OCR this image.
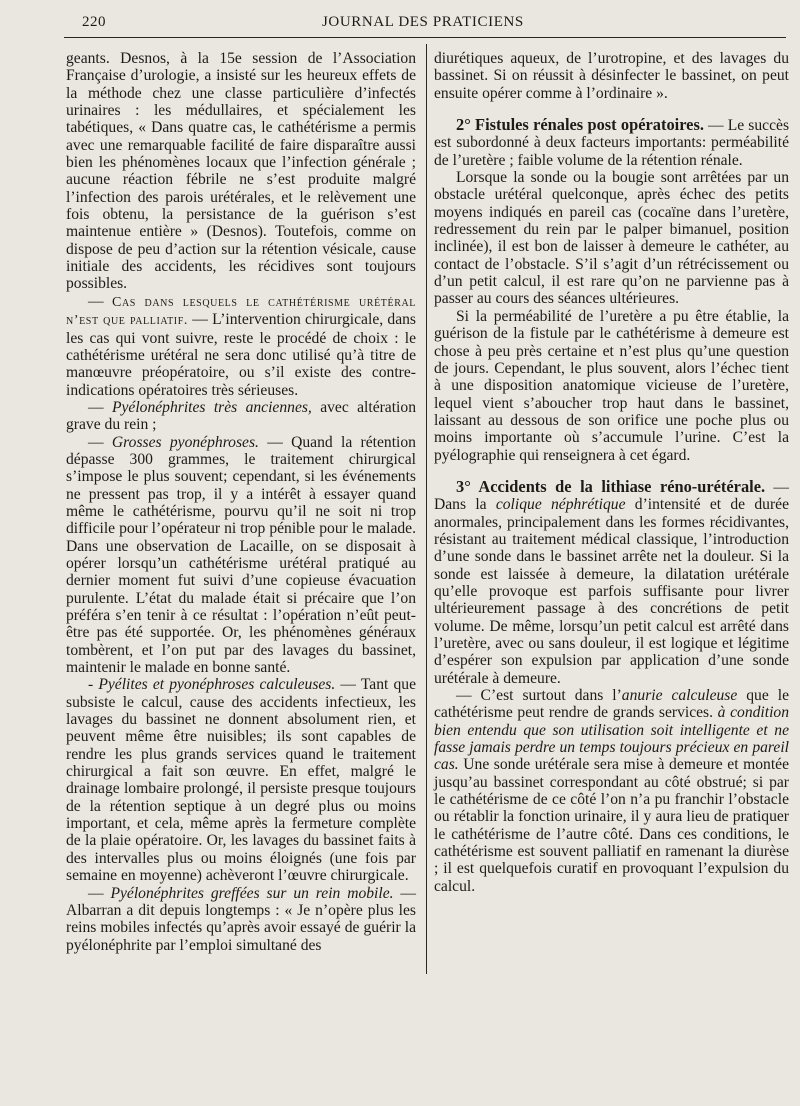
220	JOURNAL DES PRATICIENS

geants. Desnos, à la 15e session de l’Association Française d’urologie, a insisté sur les heureux effets de la méthode chez une classe particulière d’infectés urinaires : les médullaires, et spécialement les tabétiques, « Dans quatre cas, le cathétérisme a permis avec une remarquable facilité de faire disparaître aussi bien les phénomènes locaux que l’infection générale ; aucune réaction fébrile ne s’est produite malgré l’infection des parois urétérales, et le relèvement une fois obtenu, la persistance de la guérison s’est maintenue entière » (Desnos). Toutefois, comme on dispose de peu d’action sur la rétention vésicale, cause initiale des accidents, les récidives sont toujours possibles.

— Cas dans lesquels le cathétérisme urétéral n’est que palliatif. — L’intervention chirurgicale, dans les cas qui vont suivre, reste le procédé de choix : le cathétérisme urétéral ne sera donc utilisé qu’à titre de manœuvre préopératoire, ou s’il existe des contre-indications opératoires très sérieuses.

— Pyélonéphrites très anciennes, avec altération grave du rein ;

— Grosses pyonéphroses. — Quand la rétention dépasse 300 grammes, le traitement chirurgical s’impose le plus souvent; cependant, si les événements ne pressent pas trop, il y a intérêt à essayer quand même le cathétérisme, pourvu qu’il ne soit ni trop difficile pour l’opérateur ni trop pénible pour le malade. Dans une observation de Lacaille, on se disposait à opérer lorsqu’un cathétérisme urétéral pratiqué au dernier moment fut suivi d’une copieuse évacuation purulente. L’état du malade était si précaire que l’on préféra s’en tenir à ce résultat : l’opération n’eût peut-être pas été supportée. Or, les phénomènes généraux tombèrent, et l’on put par des lavages du bassinet, maintenir le malade en bonne santé.

- Pyélites et pyonéphroses calculeuses. — Tant que subsiste le calcul, cause des accidents infectieux, les lavages du bassinet ne donnent absolument rien, et peuvent même être nuisibles; ils sont capables de rendre les plus grands services quand le traitement chirurgical a fait son œuvre. En effet, malgré le drainage lombaire prolongé, il persiste presque toujours de la rétention septique à un degré plus ou moins important, et cela, même après la fermeture complète de la plaie opératoire. Or, les lavages du bassinet faits à des intervalles plus ou moins éloignés (une fois par semaine en moyenne) achèveront l’œuvre chirurgicale.

— Pyélonéphrites greffées sur un rein mobile. — Albarran a dit depuis longtemps : « Je n’opère plus les reins mobiles infectés qu’après avoir essayé de guérir la pyélonéphrite par l’emploi simultané des

diurétiques aqueux, de l’urotropine, et des lavages du bassinet. Si on réussit à désinfecter le bassinet, on peut ensuite opérer comme à l’ordinaire ».

2° Fistules rénales post opératoires. — Le succès est subordonné à deux facteurs importants: perméabilité de l’uretère ; faible volume de la rétention rénale.

Lorsque la sonde ou la bougie sont arrêtées par un obstacle urétéral quelconque, après échec des petits moyens indiqués en pareil cas (cocaïne dans l’uretère, redressement du rein par le palper bimanuel, position inclinée), il est bon de laisser à demeure le cathéter, au contact de l’obstacle. S’il s’agit d’un rétrécissement ou d’un petit calcul, il est rare qu’on ne parvienne pas à passer au cours des séances ultérieures.

Si la perméabilité de l’uretère a pu être établie, la guérison de la fistule par le cathétérisme à demeure est chose à peu près certaine et n’est plus qu’une question de jours. Cependant, le plus souvent, alors l’échec tient à une disposition anatomique vicieuse de l’uretère, lequel vient s’aboucher trop haut dans le bassinet, laissant au dessous de son orifice une poche plus ou moins importante où s’accumule l’urine. C’est la pyélographie qui renseignera à cet égard.

3° Accidents de la lithiase réno-urétérale. — Dans la colique néphrétique d’intensité et de durée anormales, principalement dans les formes récidivantes, résistant au traitement médical classique, l’introduction d’une sonde dans le bassinet arrête net la douleur. Si la sonde est laissée à demeure, la dilatation urétérale qu’elle provoque est parfois suffisante pour livrer ultérieurement passage à des concrétions de petit volume. De même, lorsqu’un petit calcul est arrêté dans l’uretère, avec ou sans douleur, il est logique et légitime d’espérer son expulsion par application d’une sonde urétérale à demeure.

— C’est surtout dans l’anurie calculeuse que le cathétérisme peut rendre de grands services. à condition bien entendu que son utilisation soit intelligente et ne fasse jamais perdre un temps toujours précieux en pareil cas. Une sonde urétérale sera mise à demeure et montée jusqu’au bassinet correspondant au côté obstrué; si par le cathétérisme de ce côté l’on n’a pu franchir l’obstacle ou rétablir la fonction urinaire, il y aura lieu de pratiquer le cathétérisme de l’autre côté. Dans ces conditions, le cathétérisme est souvent palliatif en ramenant la diurèse ; il est quelquefois curatif en provoquant l’expulsion du calcul.
